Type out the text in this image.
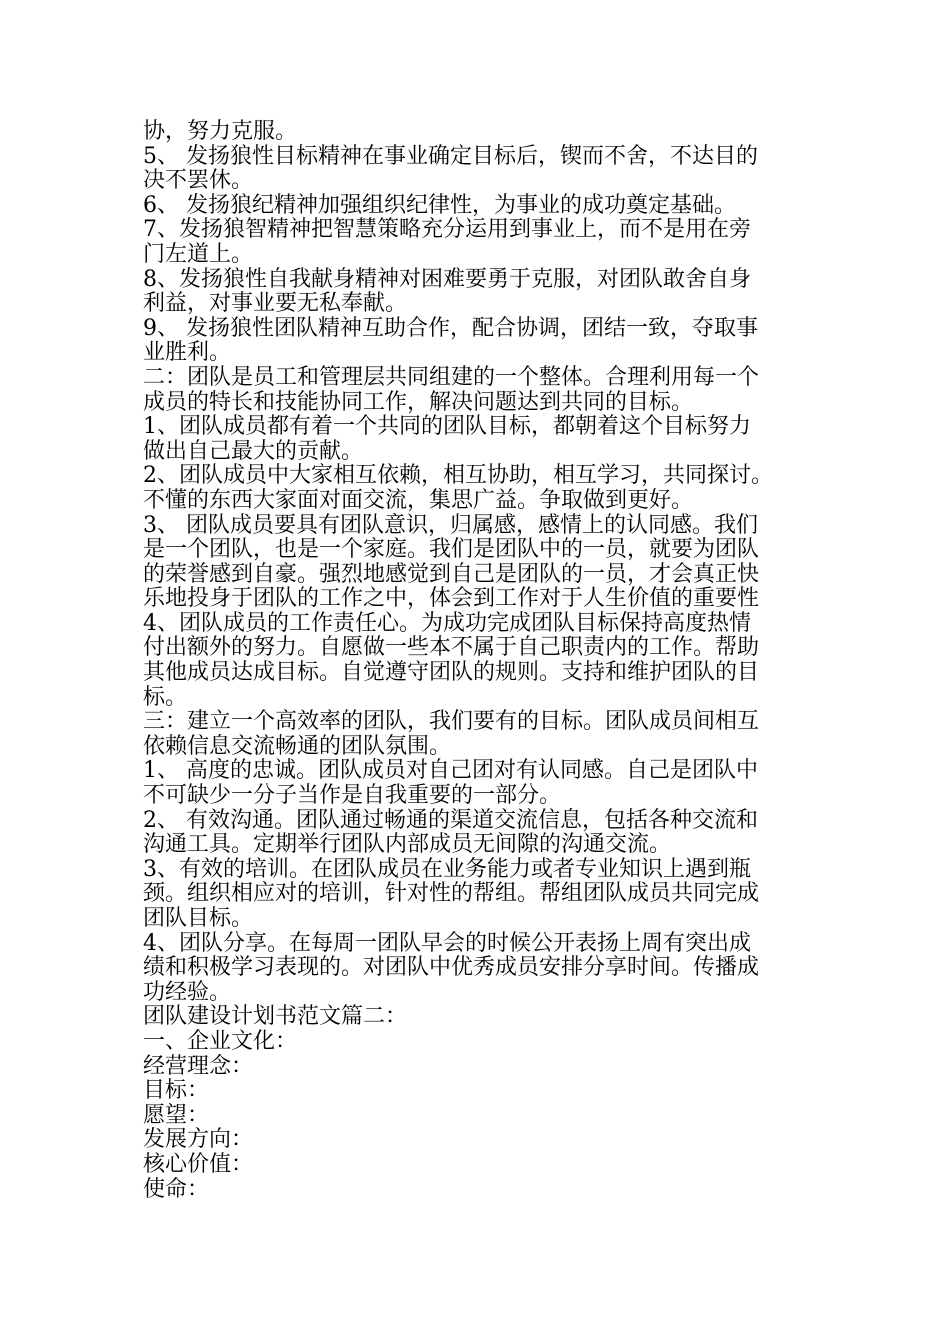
协，努力克服。
5、 发扬狼性目标精神在事业确定目标后，锲而不舍，不达目的
决不罢休。
6、 发扬狼纪精神加强组织纪律性，为事业的成功奠定基础。
7、发扬狼智精神把智慧策略充分运用到事业上，而不是用在旁
门左道上。
8、发扬狼性自我献身精神对困难要勇于克服，对团队敢舍自身
利益，对事业要无私奉献。
9、 发扬狼性团队精神互助合作，配合协调，团结一致，夺取事
业胜利。
二：团队是员工和管理层共同组建的一个整体。合理利用每一个
成员的特长和技能协同工作，解决问题达到共同的目标。
1、团队成员都有着一个共同的团队目标，都朝着这个目标努力
做出自己最大的贡献。
2、团队成员中大家相互依赖，相互协助，相互学习，共同探讨。
不懂的东西大家面对面交流，集思广益。争取做到更好。
3、 团队成员要具有团队意识，归属感，感情上的认同感。我们
是一个团队，也是一个家庭。我们是团队中的一员，就要为团队
的荣誉感到自豪。强烈地感觉到自己是团队的一员，才会真正快
乐地投身于团队的工作之中，体会到工作对于人生价值的重要性
4、团队成员的工作责任心。为成功完成团队目标保持高度热情
付出额外的努力。自愿做一些本不属于自己职责内的工作。帮助
其他成员达成目标。自觉遵守团队的规则。支持和维护团队的目
标。
三：建立一个高效率的团队，我们要有的目标。团队成员间相互
依赖信息交流畅通的团队氛围。
1、 高度的忠诚。团队成员对自己团对有认同感。自己是团队中
不可缺少一分子当作是自我重要的一部分。
2、 有效沟通。团队通过畅通的渠道交流信息，包括各种交流和
沟通工具。定期举行团队内部成员无间隙的沟通交流。
3、有效的培训。在团队成员在业务能力或者专业知识上遇到瓶
颈。组织相应对的培训，针对性的帮组。帮组团队成员共同完成
团队目标。
4、团队分享。在每周一团队早会的时候公开表扬上周有突出成
绩和积极学习表现的。对团队中优秀成员安排分享时间。传播成
功经验。
团队建设计划书范文篇二：
一、企业文化：
经营理念：
目标：
愿望：
发展方向：
核心价值：
使命：
